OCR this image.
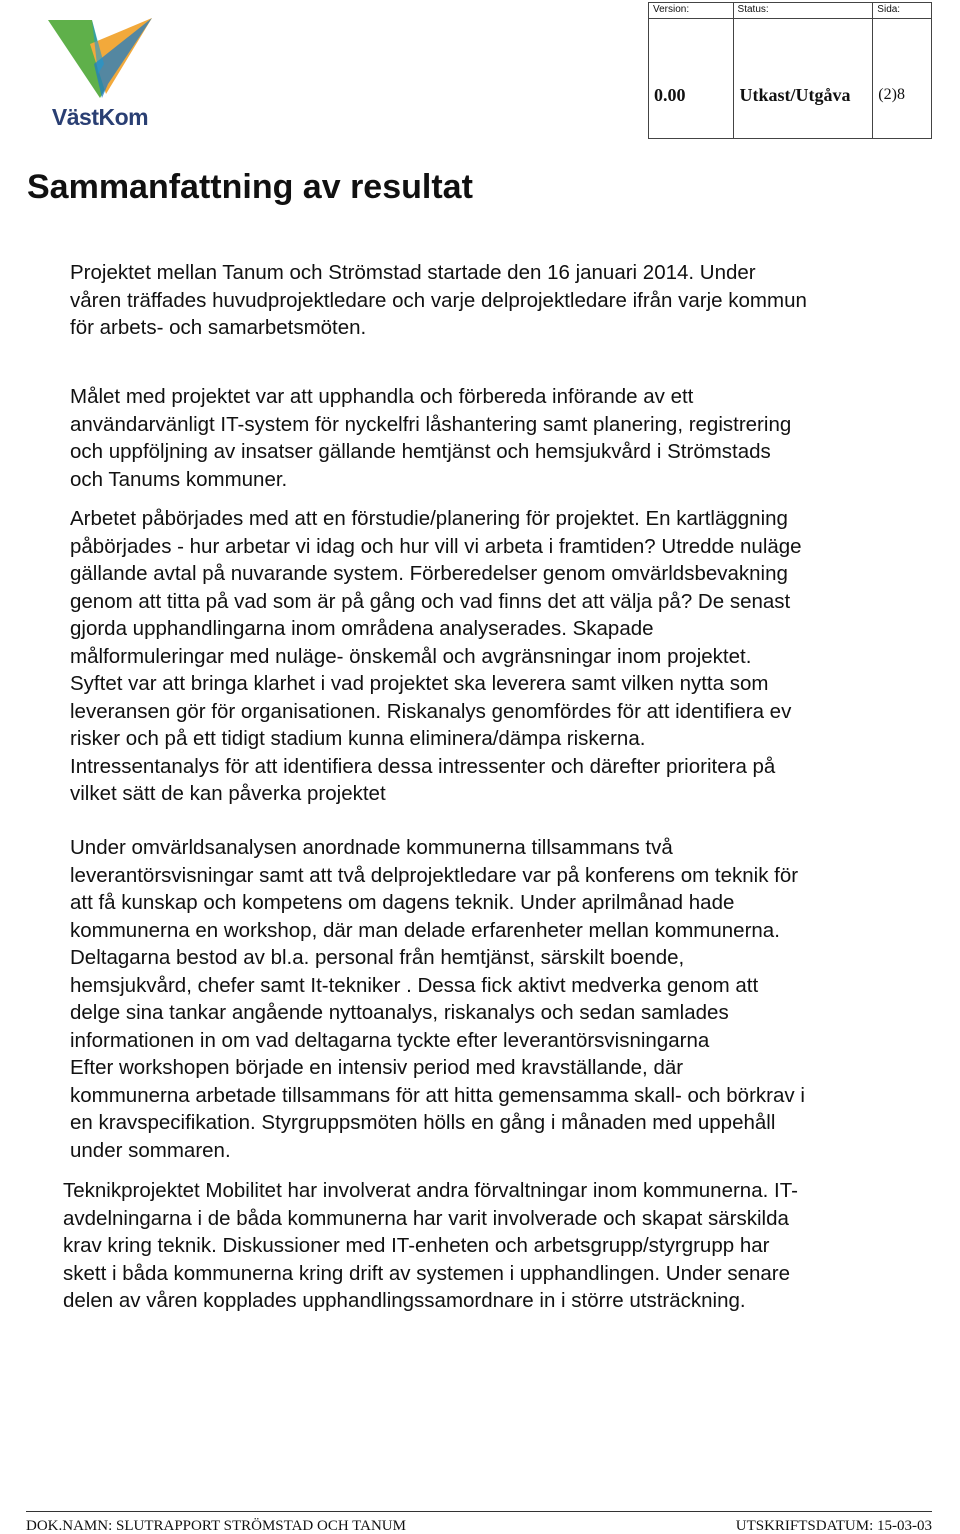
VästKom
Version:	Status:	Sida:
0.00	Utkast/Utgåva	(2)8
Sammanfattning av resultat
Projektet mellan Tanum och Strömstad startade den 16 januari 2014. Under
våren träffades huvudprojektledare och varje delprojektledare ifrån varje kommun
för arbets- och samarbetsmöten.
Målet med projektet var att upphandla och förbereda införande av ett
användarvänligt IT-system för nyckelfri låshantering samt planering, registrering
och uppföljning av insatser gällande hemtjänst och hemsjukvård i Strömstads
och Tanums kommuner.
Arbetet påbörjades med att en förstudie/planering för projektet. En kartläggning
påbörjades - hur arbetar vi idag och hur vill vi arbeta i framtiden? Utredde nuläge
gällande avtal på nuvarande system. Förberedelser genom omvärldsbevakning
genom att titta på vad som är på gång och vad finns det att välja på? De senast
gjorda upphandlingarna inom områdena analyserades. Skapade
målformuleringar med nuläge- önskemål och avgränsningar inom projektet.
Syftet var att bringa klarhet i vad projektet ska leverera samt vilken nytta som
leveransen gör för organisationen. Riskanalys genomfördes för att identifiera ev
risker och på ett tidigt stadium kunna eliminera/dämpa riskerna.
Intressentanalys för att identifiera dessa intressenter och därefter prioritera på
vilket sätt de kan påverka projektet
Under omvärldsanalysen anordnade kommunerna tillsammans två
leverantörsvisningar samt att två delprojektledare var på konferens om teknik för
att få kunskap och kompetens om dagens teknik. Under aprilmånad hade
kommunerna en workshop, där man delade erfarenheter mellan kommunerna.
Deltagarna bestod av bl.a. personal från hemtjänst, särskilt boende,
hemsjukvård, chefer samt It-tekniker . Dessa fick aktivt medverka genom att
delge sina tankar angående nyttoanalys, riskanalys och sedan samlades
informationen in om vad deltagarna tyckte efter leverantörsvisningarna
Efter workshopen började en intensiv period med kravställande, där
kommunerna arbetade tillsammans för att hitta gemensamma skall- och börkrav i
en kravspecifikation. Styrgruppsmöten hölls en gång i månaden med uppehåll
under sommaren.
Teknikprojektet Mobilitet har involverat andra förvaltningar inom kommunerna. IT-
avdelningarna i de båda kommunerna har varit involverade och skapat särskilda
krav kring teknik. Diskussioner med IT-enheten och arbetsgrupp/styrgrupp har
skett i båda kommunerna kring drift av systemen i upphandlingen. Under senare
delen av våren kopplades upphandlingssamordnare in i större utsträckning.
DOK.NAMN: SLUTRAPPORT STRÖMSTAD OCH TANUM	UTSKRIFTSDATUM: 15-03-03
